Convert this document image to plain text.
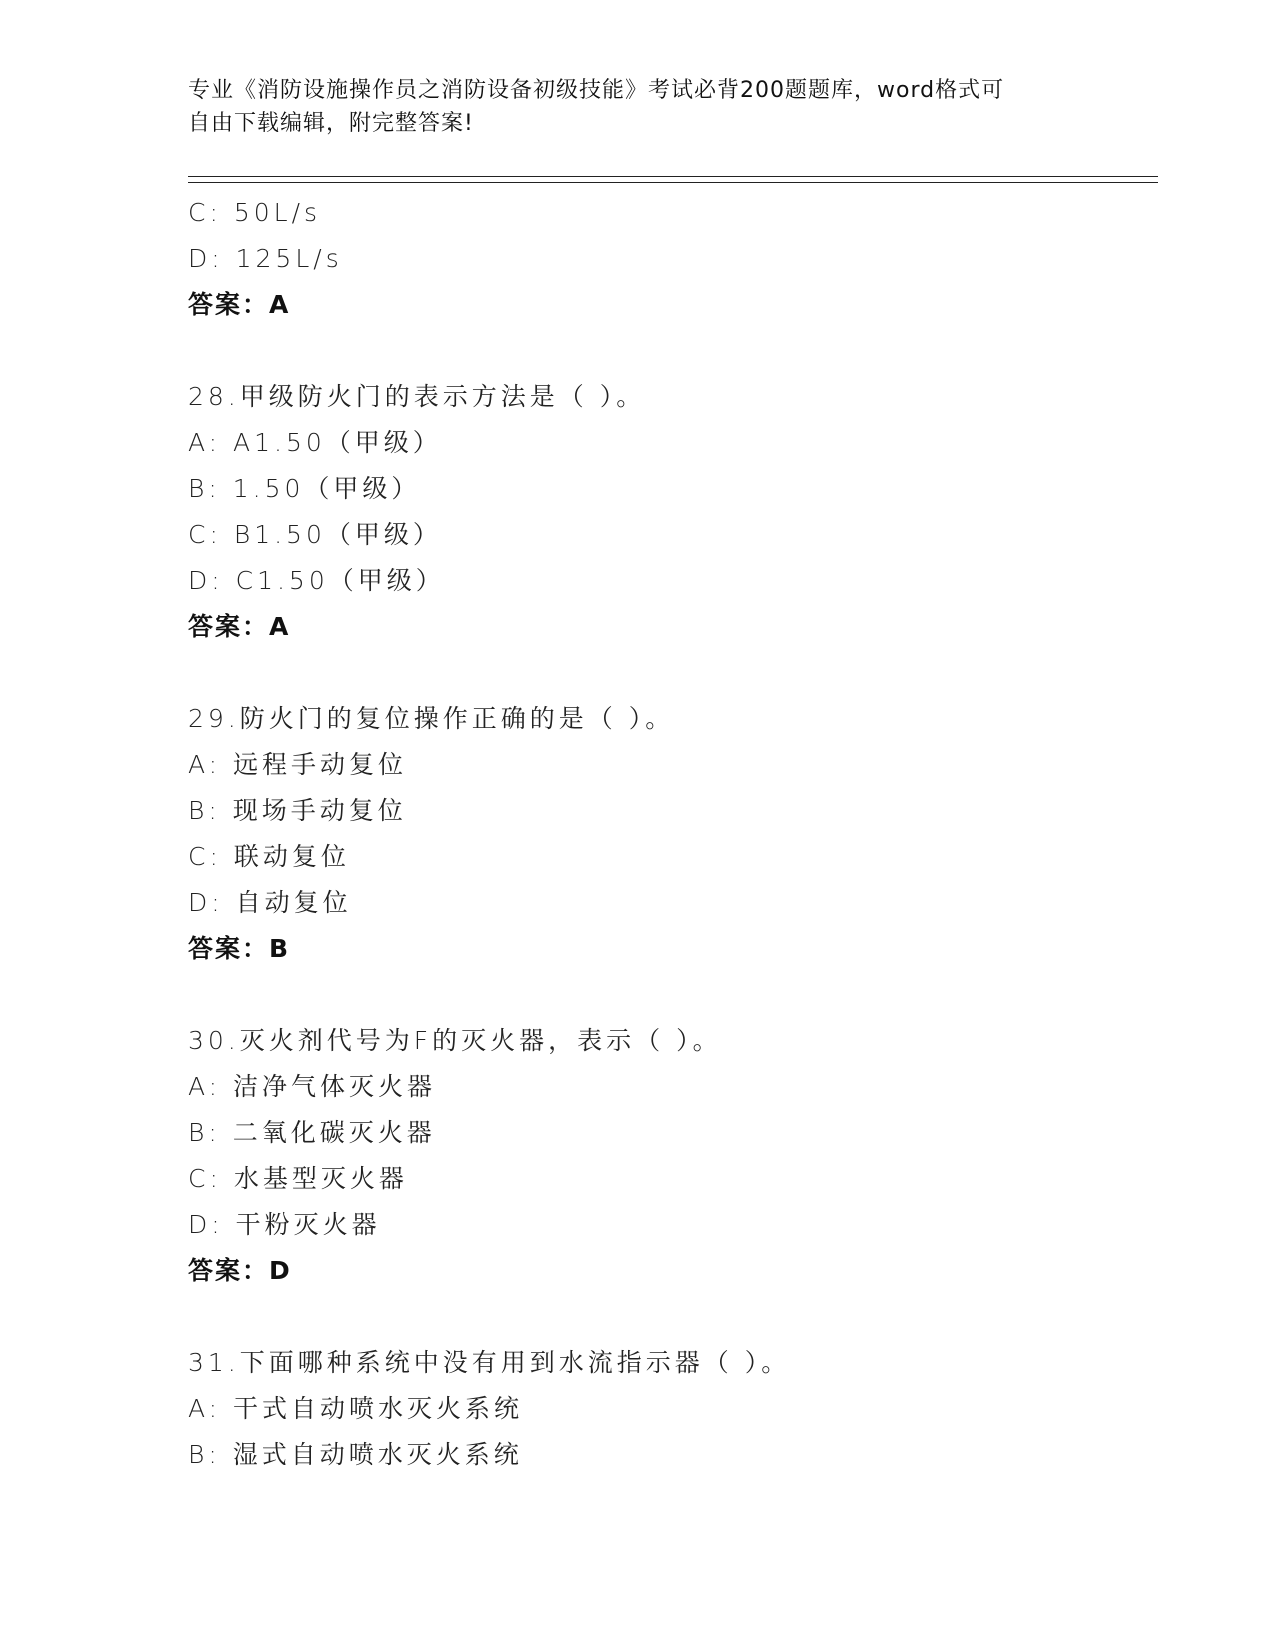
专业《消防设施操作员之消防设备初级技能》考试必背200题题库，word格式可
自由下载编辑，附完整答案!
C: 50L/s
D: 125L/s
答案：A
28.甲级防火门的表示方法是（ ）。
A: A1.50（甲级）
B: 1.50（甲级）
C: B1.50（甲级）
D: C1.50（甲级）
答案：A
29.防火门的复位操作正确的是（ ）。
A: 远程手动复位
B: 现场手动复位
C: 联动复位
D: 自动复位
答案：B
30.灭火剂代号为F的灭火器，表示（ ）。
A: 洁净气体灭火器
B: 二氧化碳灭火器
C: 水基型灭火器
D: 干粉灭火器
答案：D
31.下面哪种系统中没有用到水流指示器（ ）。
A: 干式自动喷水灭火系统
B: 湿式自动喷水灭火系统
